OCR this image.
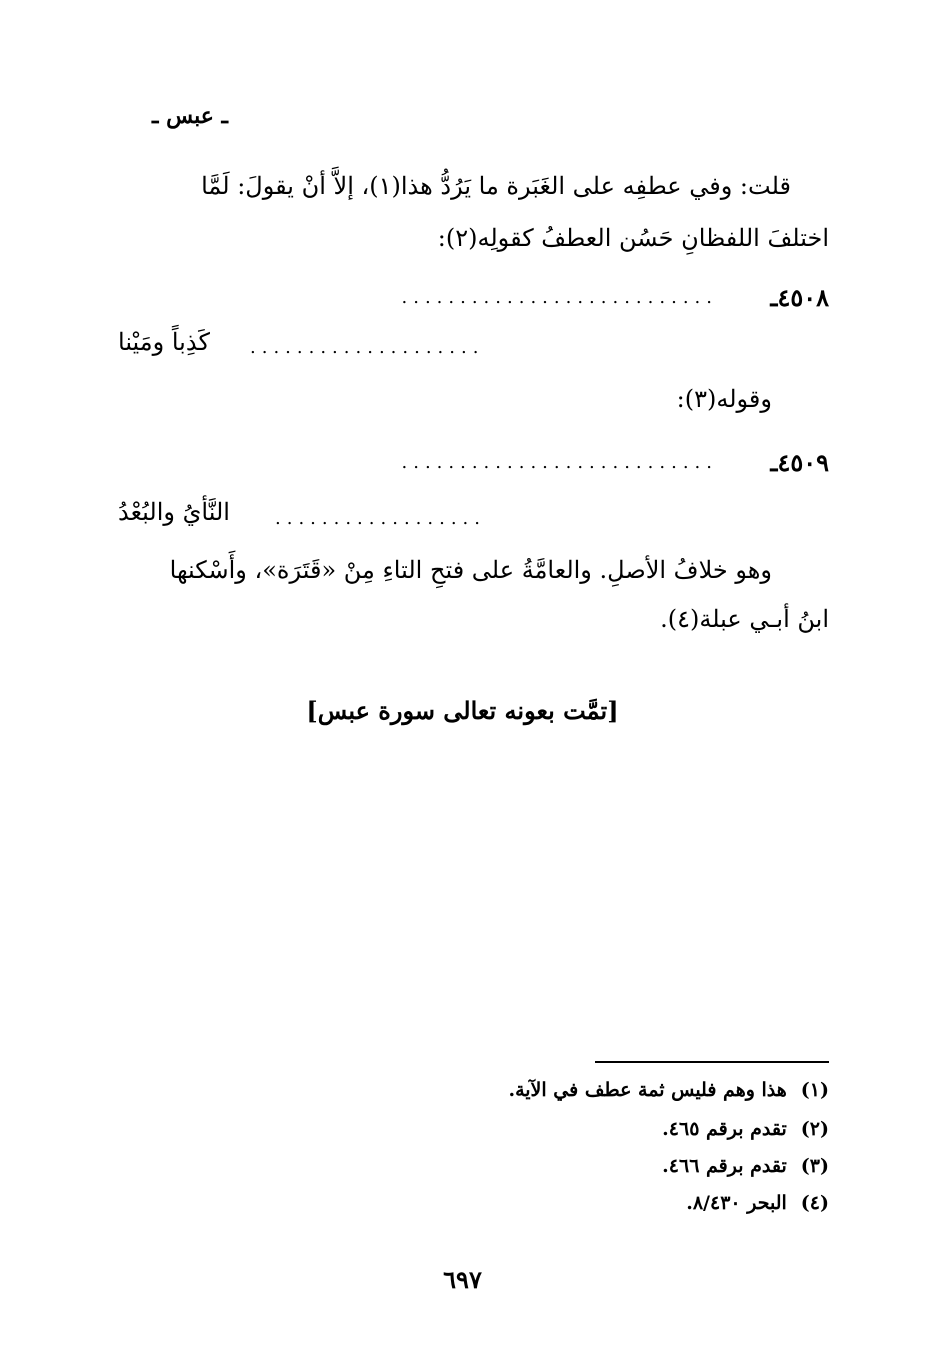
ـ عبس ـ
قلت: وفي عطفِه على الغَبَرة ما يَرُدُّ هذا(١)، إلاَّ أنْ يقولَ: لَمَّا
اختلفَ اللفظانِ حَسُن العطفُ كقولِه(٢):
٤٥٠٨ـ
...........................
....................
كَذِباً ومَيْنا
وقوله(٣):
٤٥٠٩ـ
...........................
..................
النَّأيُ والبُعْدُ
وهو خلافُ الأصلِ. والعامَّةُ على فتحِ التاءِ مِنْ «قَتَرَة»، وأَسْكنها
ابنُ أبـي عبلة(٤).
[تمَّت بعونه تعالى سورة عبس]
(١)هذا وهم فليس ثمة عطف في الآية.
(٢)تقدم برقم ٤٦٥.
(٣)تقدم برقم ٤٦٦.
(٤)البحر ٨/٤٣٠.
٦٩٧
